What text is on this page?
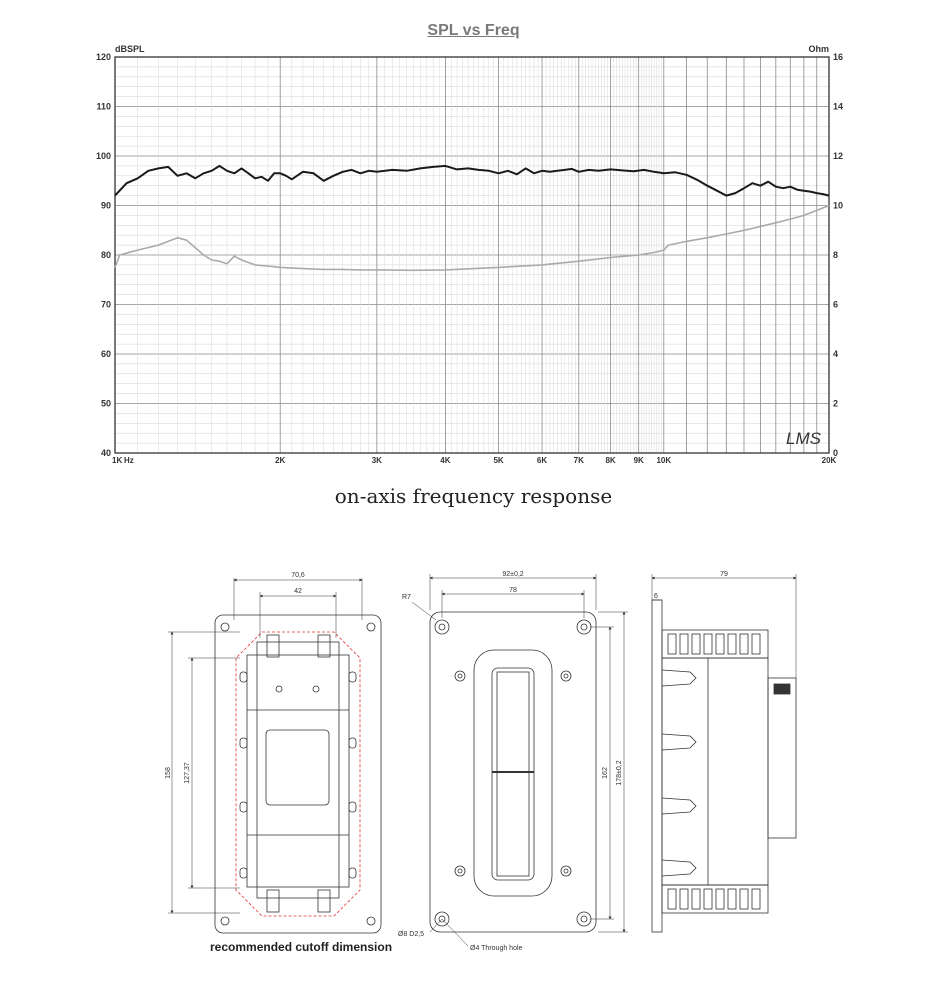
SPL vs Freq
120
110
100
90
80
70
60
50
40
16
14
12
10
8
6
4
2
0
1K	2K	3K	4K	5K	6K	7K	8K 9K 10K	20K
dBSPL	Ohm
Hz
LMS
on-axis frequency response
70,6
42
158 127,37
92±0,2
78
R7
162 178±0,2
Ø8 D2,5
Ø4 Through hole
79
6
recommended cutoff dimension
